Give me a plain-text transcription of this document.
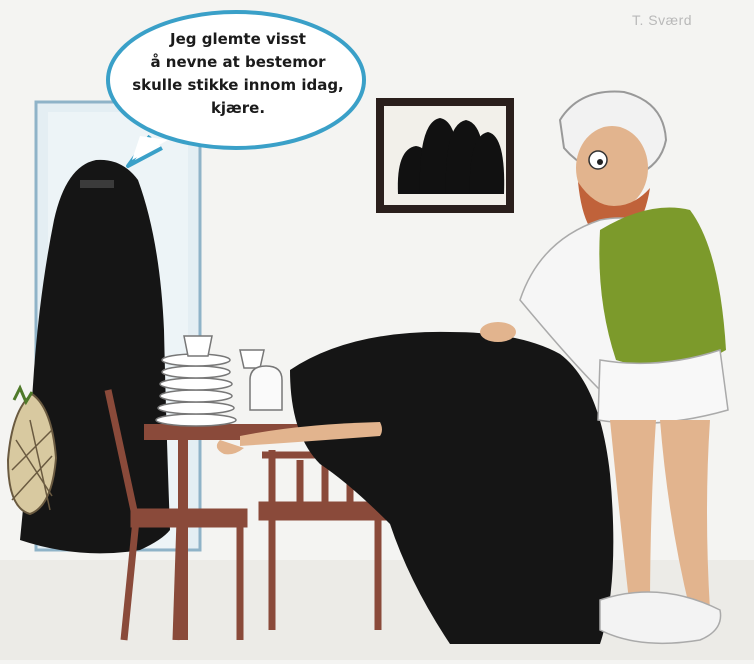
Jeg glemte visst
å nevne at bestemor
skulle stikke innom idag,
kjære.
T. Sværd
